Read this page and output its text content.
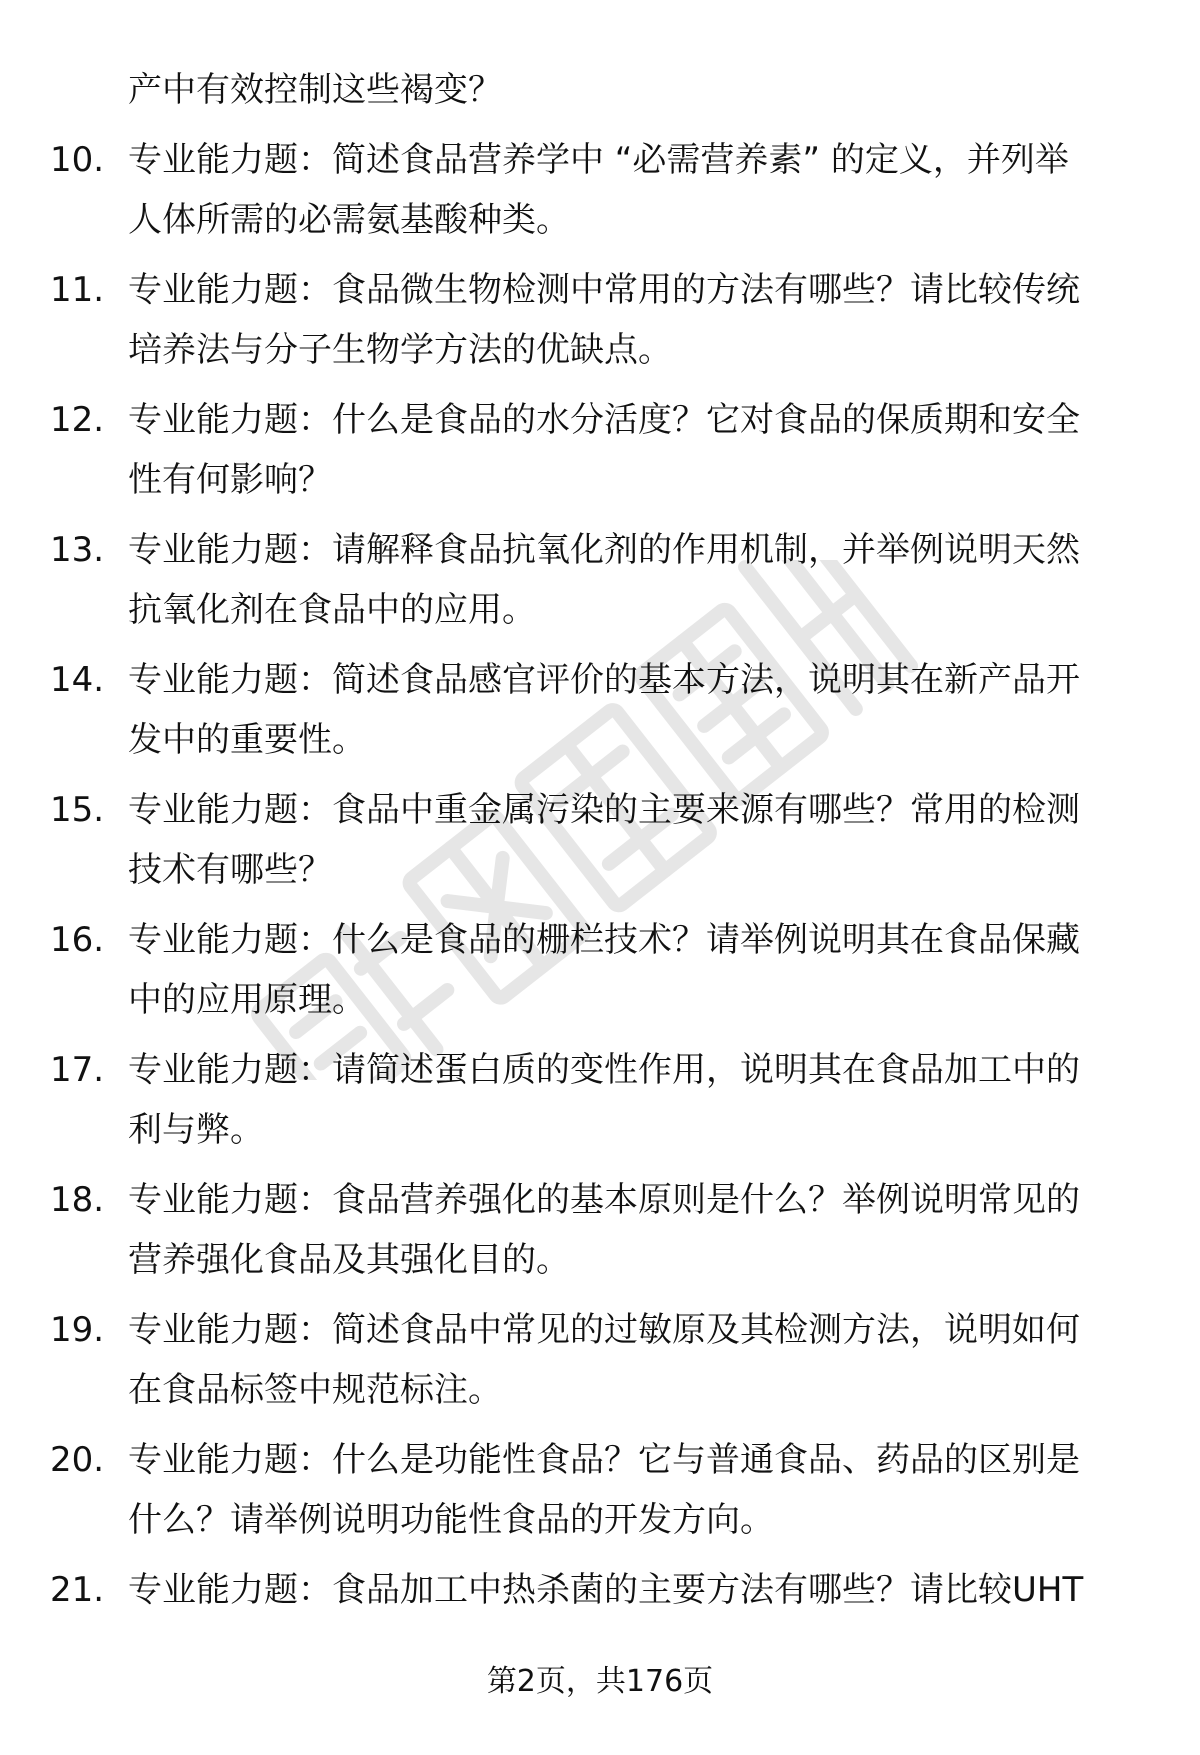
产中有效控制这些褐变？
10. 专业能力题：简述食品营养学中 “必需营养素” 的定义，并列举
人体所需的必需氨基酸种类。
11. 专业能力题：食品微生物检测中常用的方法有哪些？请比较传统
培养法与分子生物学方法的优缺点。
12. 专业能力题：什么是食品的水分活度？它对食品的保质期和安全
性有何影响？
13. 专业能力题：请解释食品抗氧化剂的作用机制，并举例说明天然
抗氧化剂在食品中的应用。
14. 专业能力题：简述食品感官评价的基本方法，说明其在新产品开
发中的重要性。
15. 专业能力题：食品中重金属污染的主要来源有哪些？常用的检测
技术有哪些？
16. 专业能力题：什么是食品的栅栏技术？请举例说明其在食品保藏
中的应用原理。
17. 专业能力题：请简述蛋白质的变性作用，说明其在食品加工中的
利与弊。
18. 专业能力题：食品营养强化的基本原则是什么？举例说明常见的
营养强化食品及其强化目的。
19. 专业能力题：简述食品中常见的过敏原及其检测方法，说明如何
在食品标签中规范标注。
20. 专业能力题：什么是功能性食品？它与普通食品、药品的区别是
什么？请举例说明功能性食品的开发方向。
21. 专业能力题：食品加工中热杀菌的主要方法有哪些？请比较UHT
第2页，共176页
